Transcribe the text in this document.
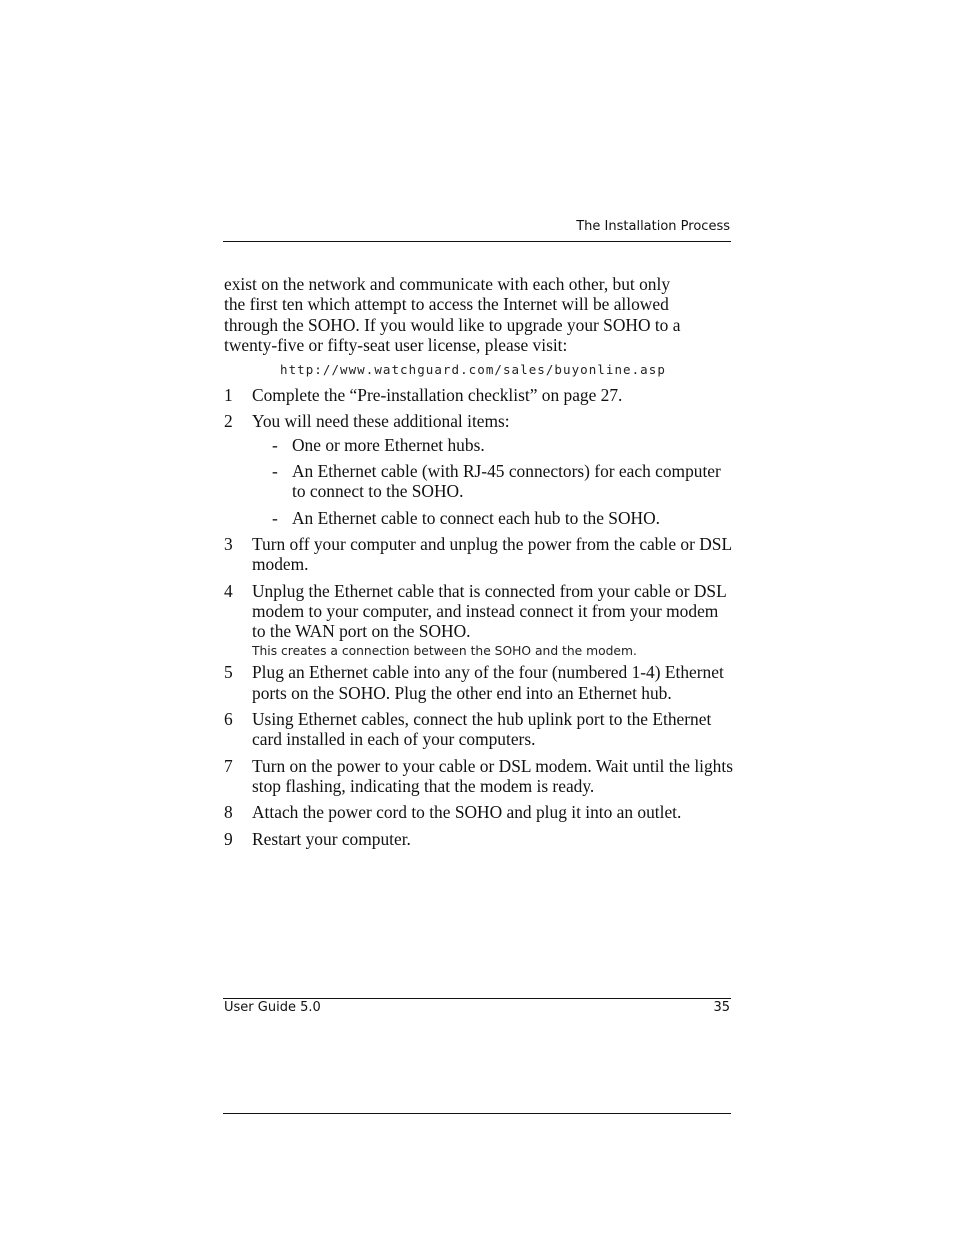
The Installation Process

exist on the network and communicate with each other, but only
the first ten which attempt to access the Internet will be allowed
through the SOHO. If you would like to upgrade your SOHO to a
twenty-five or fifty-seat user license, please visit:

http://www.watchguard.com/sales/buyonline.asp
1	Complete the “Pre-installation checklist” on page 27.
2	You will need these additional items:
- One or more Ethernet hubs.
- An Ethernet cable (with RJ-45 connectors) for each computer to connect to the SOHO.
- An Ethernet cable to connect each hub to the SOHO.
3	Turn off your computer and unplug the power from the cable or DSL modem.
4	Unplug the Ethernet cable that is connected from your cable or DSL modem to your computer, and instead connect it from your modem to the WAN port on the SOHO.
This creates a connection between the SOHO and the modem.
5	Plug an Ethernet cable into any of the four (numbered 1-4) Ethernet ports on the SOHO. Plug the other end into an Ethernet hub.
6	Using Ethernet cables, connect the hub uplink port to the Ethernet card installed in each of your computers.
7	Turn on the power to your cable or DSL modem. Wait until the lights stop flashing, indicating that the modem is ready.
8	Attach the power cord to the SOHO and plug it into an outlet.
9	Restart your computer.
User Guide 5.0	35
